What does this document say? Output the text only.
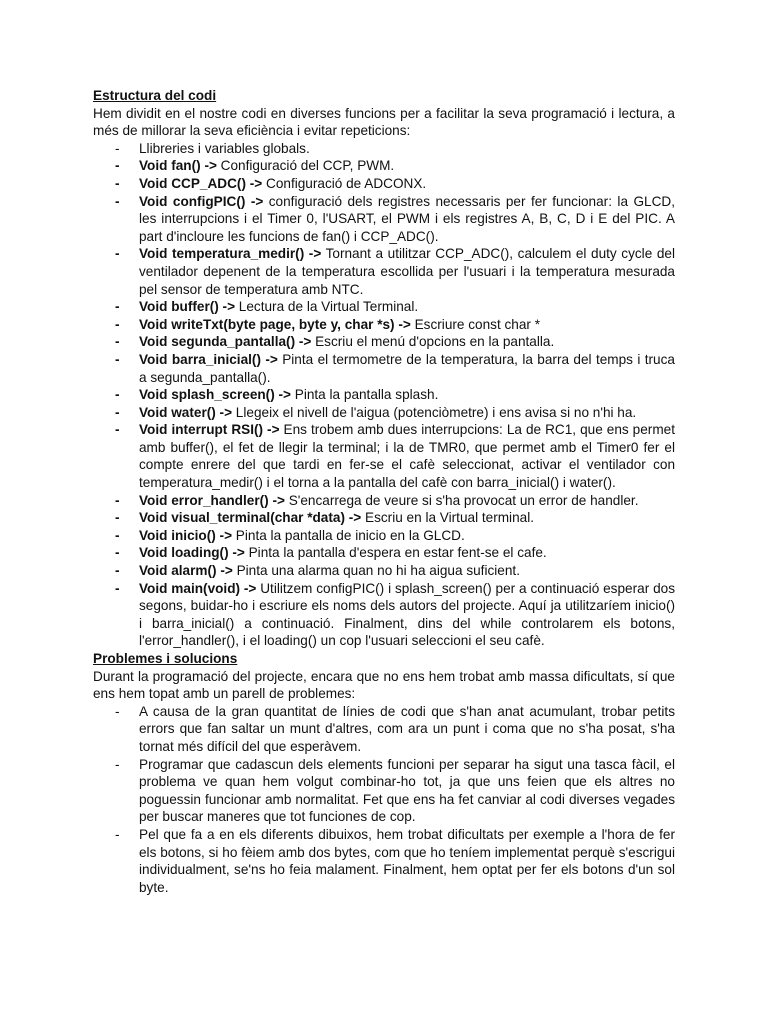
Estructura del codi

Hem dividit en el nostre codi en diverses funcions per a facilitar la seva programació i lectura, a més de millorar la seva eficiència i evitar repeticions:

-	Llibreries i variables globals.
-	Void fan() -> Configuració del CCP, PWM.
-	Void CCP_ADC() -> Configuració de ADCONX.
-	Void configPIC() -> configuració dels registres necessaris per fer funcionar: la GLCD, les interrupcions i el Timer 0, l'USART, el PWM i els registres A, B, C, D i E del PIC. A part d'incloure les funcions de fan() i CCP_ADC().
-	Void temperatura_medir() -> Tornant a utilitzar CCP_ADC(), calculem el duty cycle del ventilador depenent de la temperatura escollida per l'usuari i la temperatura mesurada pel sensor de temperatura amb NTC.
-	Void buffer() -> Lectura de la Virtual Terminal.
-	Void writeTxt(byte page, byte y, char *s) -> Escriure const char *
-	Void segunda_pantalla() -> Escriu el menú d'opcions en la pantalla.
-	Void barra_inicial() -> Pinta el termometre de la temperatura, la barra del temps i truca a segunda_pantalla().
-	Void splash_screen() -> Pinta la pantalla splash.
-	Void water() -> Llegeix el nivell de l'aigua (potenciòmetre) i ens avisa si no n'hi ha.
-	Void interrupt RSI() -> Ens trobem amb dues interrupcions: La de RC1, que ens permet amb buffer(), el fet de llegir la terminal; i la de TMR0, que permet amb el Timer0 fer el compte enrere del que tardi en fer-se el cafè seleccionat, activar el ventilador con temperatura_medir() i el torna a la pantalla del cafè con barra_inicial() i water().
-	Void error_handler() -> S'encarrega de veure si s'ha provocat un error de handler.
-	Void visual_terminal(char *data) -> Escriu en la Virtual terminal.
-	Void inicio() -> Pinta la pantalla de inicio en la GLCD.
-	Void loading() -> Pinta la pantalla d'espera en estar fent-se el cafe.
-	Void alarm() -> Pinta una alarma quan no hi ha aigua suficient.
-	Void main(void) -> Utilitzem configPIC() i splash_screen() per a continuació esperar dos segons, buidar-ho i escriure els noms dels autors del projecte. Aquí ja utilitzaríem inicio() i barra_inicial() a continuació. Finalment, dins del while controlarem els botons, l'error_handler(), i el loading() un cop l'usuari seleccioni el seu cafè.
Problemes i solucions

Durant la programació del projecte, encara que no ens hem trobat amb massa dificultats, sí que ens hem topat amb un parell de problemes:

-	A causa de la gran quantitat de línies de codi que s'han anat acumulant, trobar petits errors que fan saltar un munt d'altres, com ara un punt i coma que no s'ha posat, s'ha tornat més difícil del que esperàvem.
-	Programar que cadascun dels elements funcioni per separar ha sigut una tasca fàcil, el problema ve quan hem volgut combinar-ho tot, ja que uns feien que els altres no poguessin funcionar amb normalitat. Fet que ens ha fet canviar al codi diverses vegades per buscar maneres que tot funciones de cop.
-	Pel que fa a en els diferents dibuixos, hem trobat dificultats per exemple a l'hora de fer els botons, si ho fèiem amb dos bytes, com que ho teníem implementat perquè s'escrigui individualment, se'ns ho feia malament. Finalment, hem optat per fer els botons d'un sol byte.
